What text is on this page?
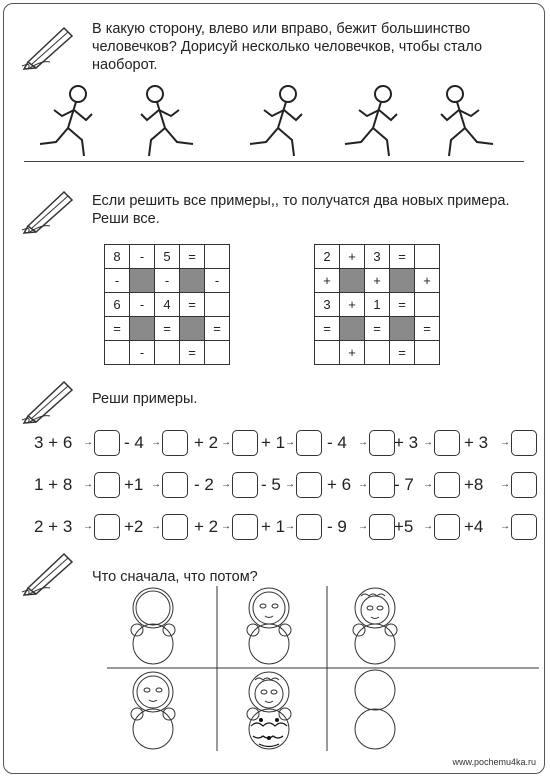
В какую сторону, влево или вправо, бежит большинство
человечков? Дорисуй несколько человечков, чтобы стало
наоборот.
Если решить все примеры,, то получатся два новых примера.
Реши все.
8	-	5	=	
-		-		-
6	-	4	=	
=		=		=
	-		=	
2	+	3	=	
+		+		+
3	+	1	=	
=		=		=
	+		=	
Реши примеры.
3 + 6 → - 4 → + 2 → + 1 → - 4 → + 3 → + 3 →
1 + 8 → +1 → - 2 → - 5 → + 6 → - 7 → +8 →
2 + 3 → +2 → + 2 → + 1 → - 9 → +5 → +4 →
Что сначала, что потом?
www.pochemu4ka.ru
